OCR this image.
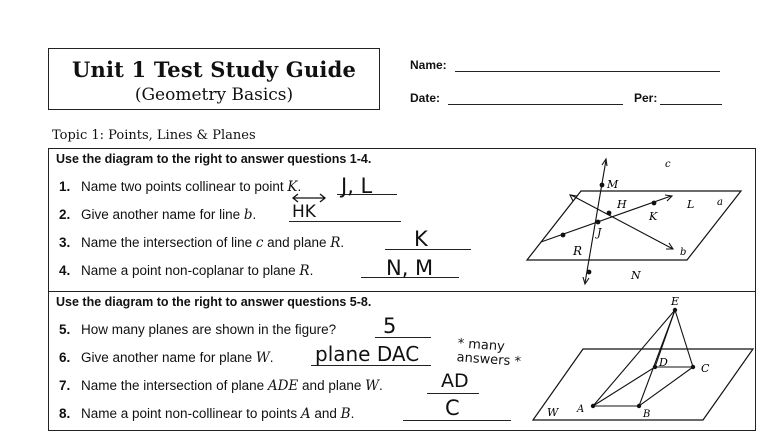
Unit 1 Test Study Guide
(Geometry Basics)
Name:
Date:	Per:
Topic 1: Points, Lines & Planes
Use the diagram to the right to answer questions 1-4.
1. Name two points collinear to point K. J, L
2. Give another name for line b. HK
3. Name the intersection of line c and plane R.	K
4. Name a point non-coplanar to plane R.	N, M
c
M
H	L a
K
J
R	b
N
Use the diagram to the right to answer questions 5-8.
5. How many planes are shown in the figure? 5
6. Give another name for plane W. plane DAC	* many answers *
7. Name the intersection of plane ADE and plane W.	AD
8. Name a point non-collinear to points A and B.	C
E
D	C
W A	B
